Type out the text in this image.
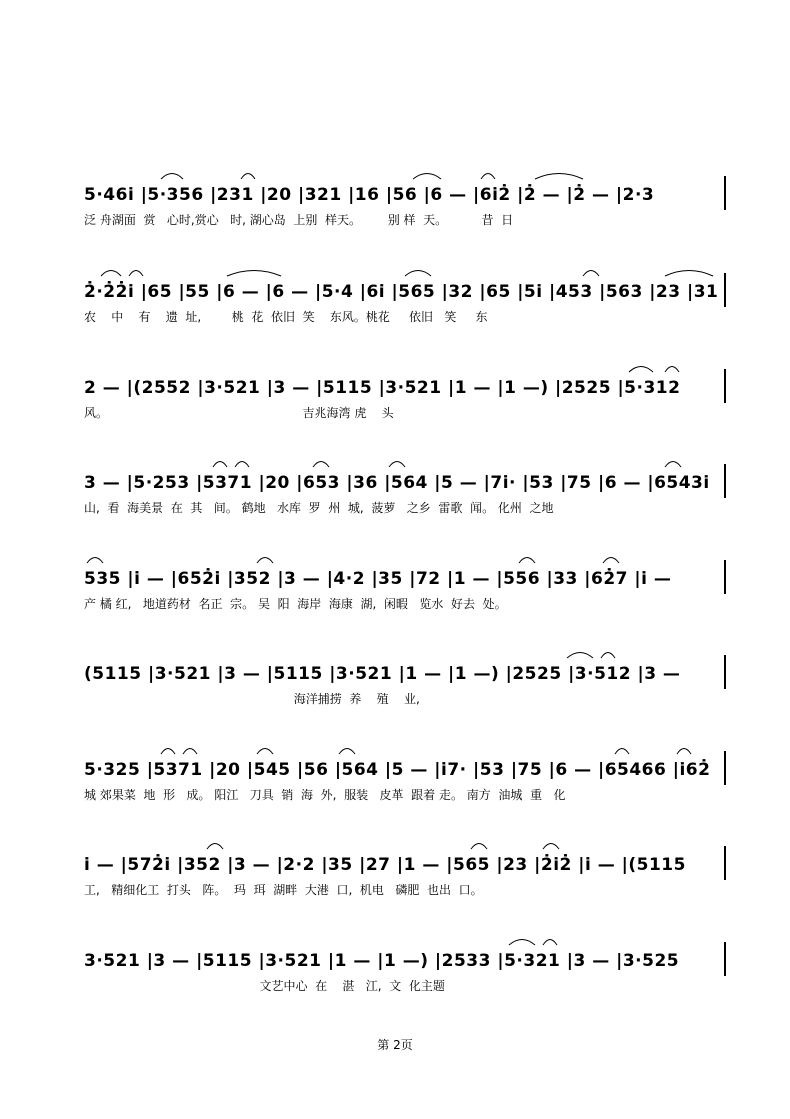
5·46i̇ |5·356 |231 |20 |321 |16 |56 |6 — |6i̇2̇ |2̇ — |2̇ — |2·3
泛 舟湖面  赏   心时,赏心   时, 湖心岛  上别  样天。       别 样  天。         昔  日
2̇·2̇2̇i̇ |65 |55 |6 — |6 — |5·4 |6i̇ |565 |32 |65 |5i̇ |453 |563 |23 |31
农    中    有    遗  址,        桃  花  依旧  笑    东风。桃花     依旧   笑     东
2 — |(2552 |3·521 |3 — |5115 |3·521 |1 — |1 —) |2525 |5·312
风。                                                   吉兆海湾 虎    头
3 — |5·253 |5371 |20 |653 |36 |564 |5 — |7i̇· |53 |75 |6 — |6543i̇
山,  看  海美景  在  其   间。 鹤地   水库  罗  州  城,  菠萝   之乡  雷歌  闻。 化州  之地
535 |i̇ — |652̇i̇ |352 |3 — |4·2 |35 |72 |1 — |556 |33 |62̇7 |i̇ —
产 橘 红,   地道药材  名正  宗。 吴  阳  海岸  海康  湖,  闲暇   览水  好去  处。
(5115 |3·521 |3 — |5115 |3·521 |1 — |1 —) |2525 |3·512 |3 —
海洋捕捞  养    殖    业,
5·325 |5371 |20 |545 |56 |564 |5 — |i̇7· |53 |75 |6 — |65466 |i̇62̇
城 郊果菜  地  形   成。 阳江   刀具  销  海  外,  服装   皮革  跟着 走。 南方  油城  重   化
i̇ — |572̇i̇ |352 |3 — |2·2 |35 |27 |1 — |565 |23 |2̇i̇2̇ |i̇ — |(5115
工,   精细化工  打头   阵。  玛  珥  湖畔  大港  口,  机电   磷肥  也出  口。
3·521 |3 — |5115 |3·521 |1 — |1 —) |2533 |5·321 |3 — |3·525
文艺中心  在    湛   江,  文  化主题
第 2页
